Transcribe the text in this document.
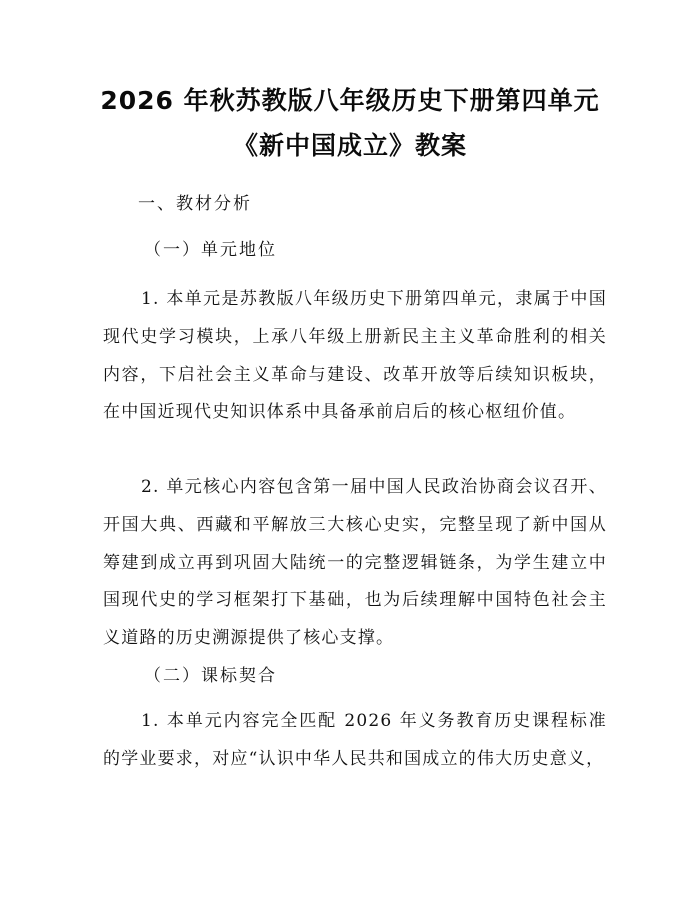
2026 年秋苏教版八年级历史下册第四单元
《新中国成立》教案
一、教材分析
（一）单元地位

1. 本单元是苏教版八年级历史下册第四单元，隶属于中国现代史学习模块，上承八年级上册新民主主义革命胜利的相关内容，下启社会主义革命与建设、改革开放等后续知识板块，在中国近现代史知识体系中具备承前启后的核心枢纽价值。

2. 单元核心内容包含第一届中国人民政治协商会议召开、开国大典、西藏和平解放三大核心史实，完整呈现了新中国从筹建到成立再到巩固大陆统一的完整逻辑链条，为学生建立中国现代史的学习框架打下基础，也为后续理解中国特色社会主义道路的历史溯源提供了核心支撑。

（二）课标契合

1. 本单元内容完全匹配 2026 年义务教育历史课程标准的学业要求，对应“认识中华人民共和国成立的伟大历史意义，
